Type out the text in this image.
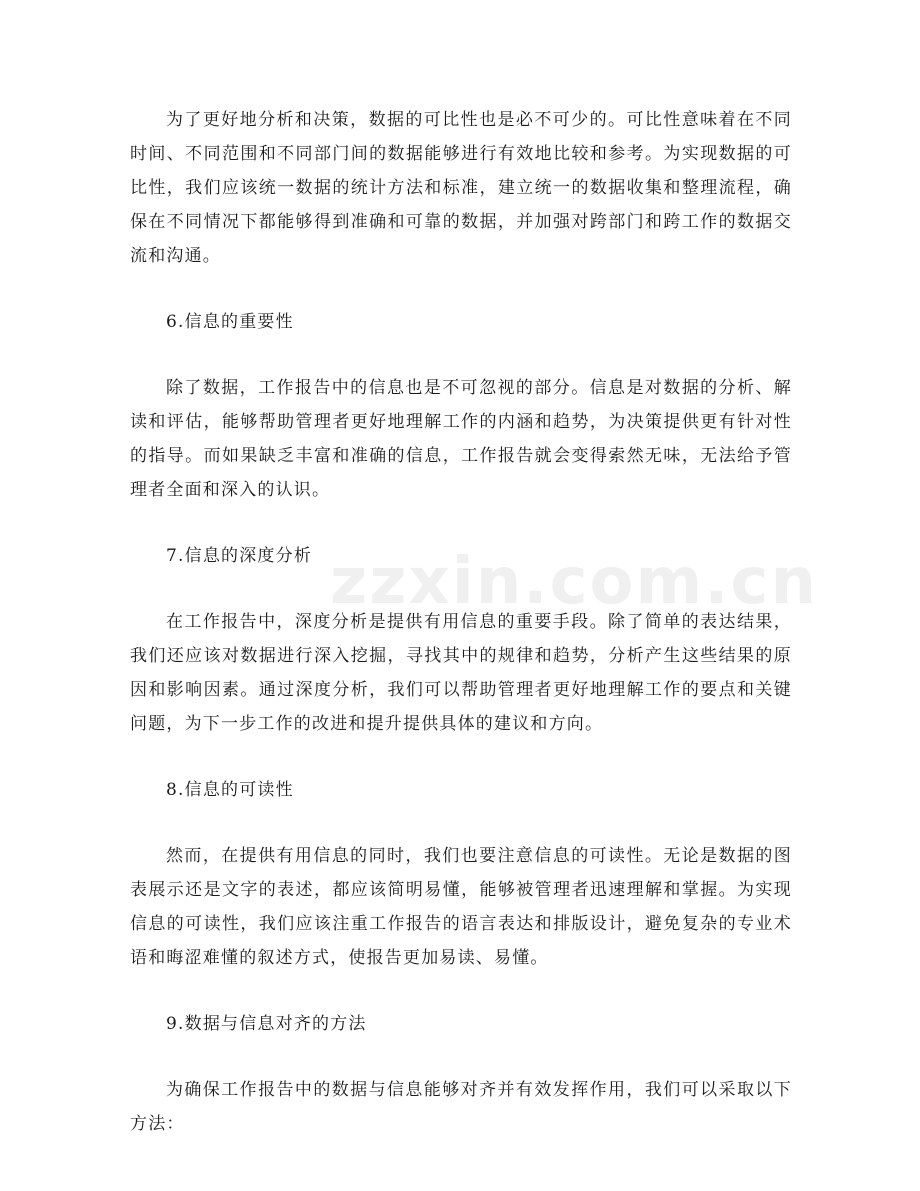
为了更好地分析和决策，数据的可比性也是必不可少的。可比性意味着在不同时间、不同范围和不同部门间的数据能够进行有效地比较和参考。为实现数据的可比性，我们应该统一数据的统计方法和标准，建立统一的数据收集和整理流程，确保在不同情况下都能够得到准确和可靠的数据，并加强对跨部门和跨工作的数据交流和沟通。

6.信息的重要性

除了数据，工作报告中的信息也是不可忽视的部分。信息是对数据的分析、解读和评估，能够帮助管理者更好地理解工作的内涵和趋势，为决策提供更有针对性的指导。而如果缺乏丰富和准确的信息，工作报告就会变得索然无味，无法给予管理者全面和深入的认识。

7.信息的深度分析

在工作报告中，深度分析是提供有用信息的重要手段。除了简单的表达结果，我们还应该对数据进行深入挖掘，寻找其中的规律和趋势，分析产生这些结果的原因和影响因素。通过深度分析，我们可以帮助管理者更好地理解工作的要点和关键问题，为下一步工作的改进和提升提供具体的建议和方向。

8.信息的可读性

然而，在提供有用信息的同时，我们也要注意信息的可读性。无论是数据的图表展示还是文字的表述，都应该简明易懂，能够被管理者迅速理解和掌握。为实现信息的可读性，我们应该注重工作报告的语言表达和排版设计，避免复杂的专业术语和晦涩难懂的叙述方式，使报告更加易读、易懂。

9.数据与信息对齐的方法

为确保工作报告中的数据与信息能够对齐并有效发挥作用，我们可以采取以下方法：

zzxin.com.cn
